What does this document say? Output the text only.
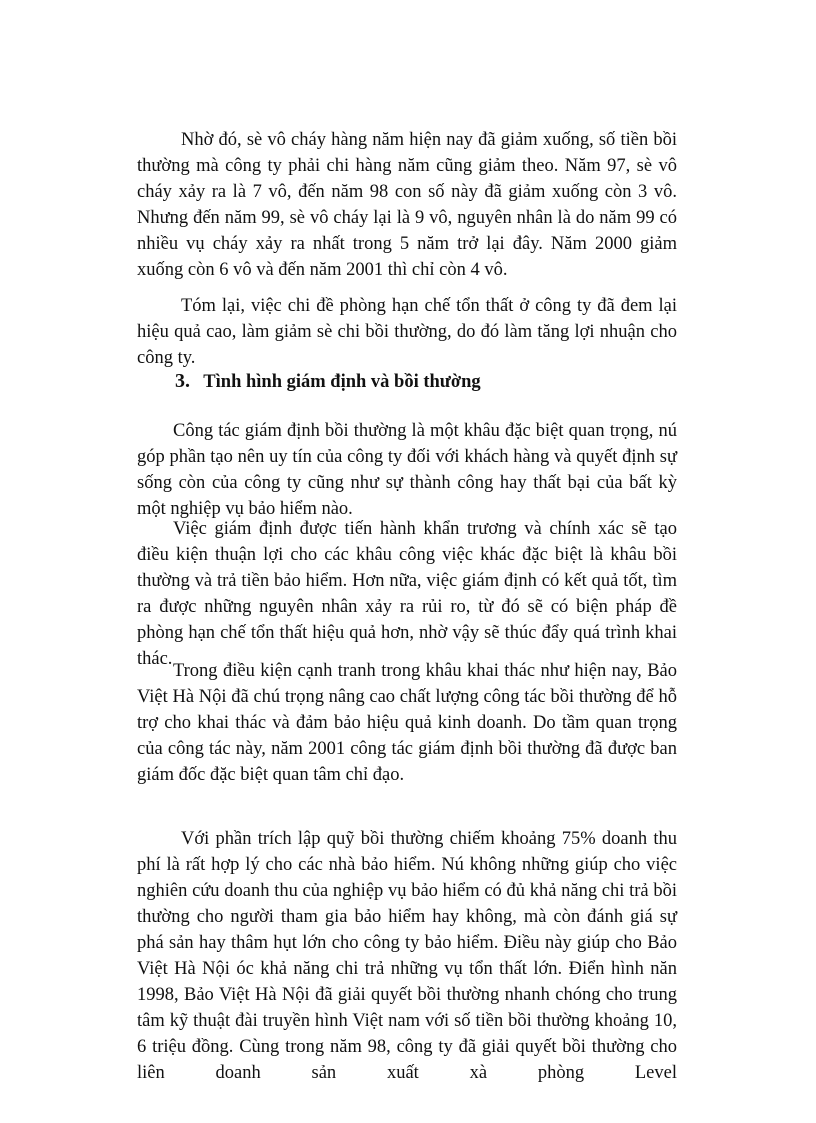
Nhờ đó, sè vô cháy hàng năm hiện nay đã giảm xuống, số tiền bồi thường mà công ty phải chi hàng năm cũng giảm theo. Năm 97, sè vô cháy xảy ra là 7 vô, đến năm 98 con số này đã giảm xuống còn 3 vô. Nhưng đến năm 99, sè vô cháy lại là 9 vô, nguyên nhân là do năm 99 có nhiều vụ cháy xảy ra nhất trong 5 năm trở lại đây. Năm 2000 giảm xuống còn 6 vô và đến năm 2001 thì chỉ còn 4 vô.

Tóm lại, việc chi đề phòng hạn chế tổn thất ở công ty đã đem lại hiệu quả cao, làm giảm sè chi bồi thường, do đó làm tăng lợi nhuận cho công ty.

3. Tình hình giám định và bồi thường

Công tác giám định bồi thường là một khâu đặc biệt quan trọng, nú góp phần tạo nên uy tín của công ty đối với khách hàng và quyết định sự sống còn của công ty cũng như sự thành công hay thất bại của bất kỳ một nghiệp vụ bảo hiểm nào.

Việc giám định được tiến hành khẩn trương và chính xác sẽ tạo điều kiện thuận lợi cho các khâu công việc khác đặc biệt là khâu bồi thường và trả tiền bảo hiểm. Hơn nữa, việc giám định có kết quả tốt, tìm ra được những nguyên nhân xảy ra rủi ro, từ đó sẽ có biện pháp đề phòng hạn chế tổn thất hiệu quả hơn, nhờ vậy sẽ thúc đẩy quá trình khai thác.

Trong điều kiện cạnh tranh trong khâu khai thác như hiện nay, Bảo Việt Hà Nội đã chú trọng nâng cao chất lượng công tác bồi thường để hỗ trợ cho khai thác và đảm bảo hiệu quả kinh doanh. Do tầm quan trọng của công tác này, năm 2001 công tác giám định bồi thường đã được ban giám đốc đặc biệt quan tâm chỉ đạo.

Với phần trích lập quỹ bồi thường chiếm khoảng 75% doanh thu phí là rất hợp lý cho các nhà bảo hiểm. Nú không những giúp cho việc nghiên cứu doanh thu của nghiệp vụ bảo hiểm có đủ khả năng chi trả bồi thường cho người tham gia bảo hiểm hay không, mà còn đánh giá sự phá sản hay thâm hụt lớn cho công ty bảo hiểm. Điều này giúp cho Bảo Việt Hà Nội óc khả năng chi trả những vụ tổn thất lớn. Điển hình năn 1998, Bảo Việt Hà Nội đã giải quyết bồi thường nhanh chóng cho trung tâm kỹ thuật đài truyền hình Việt nam với số tiền bồi thường khoảng 10, 6 triệu đồng. Cùng trong năm 98, công ty đã giải quyết bồi thường cho liên doanh sản xuất xà phòng Level
